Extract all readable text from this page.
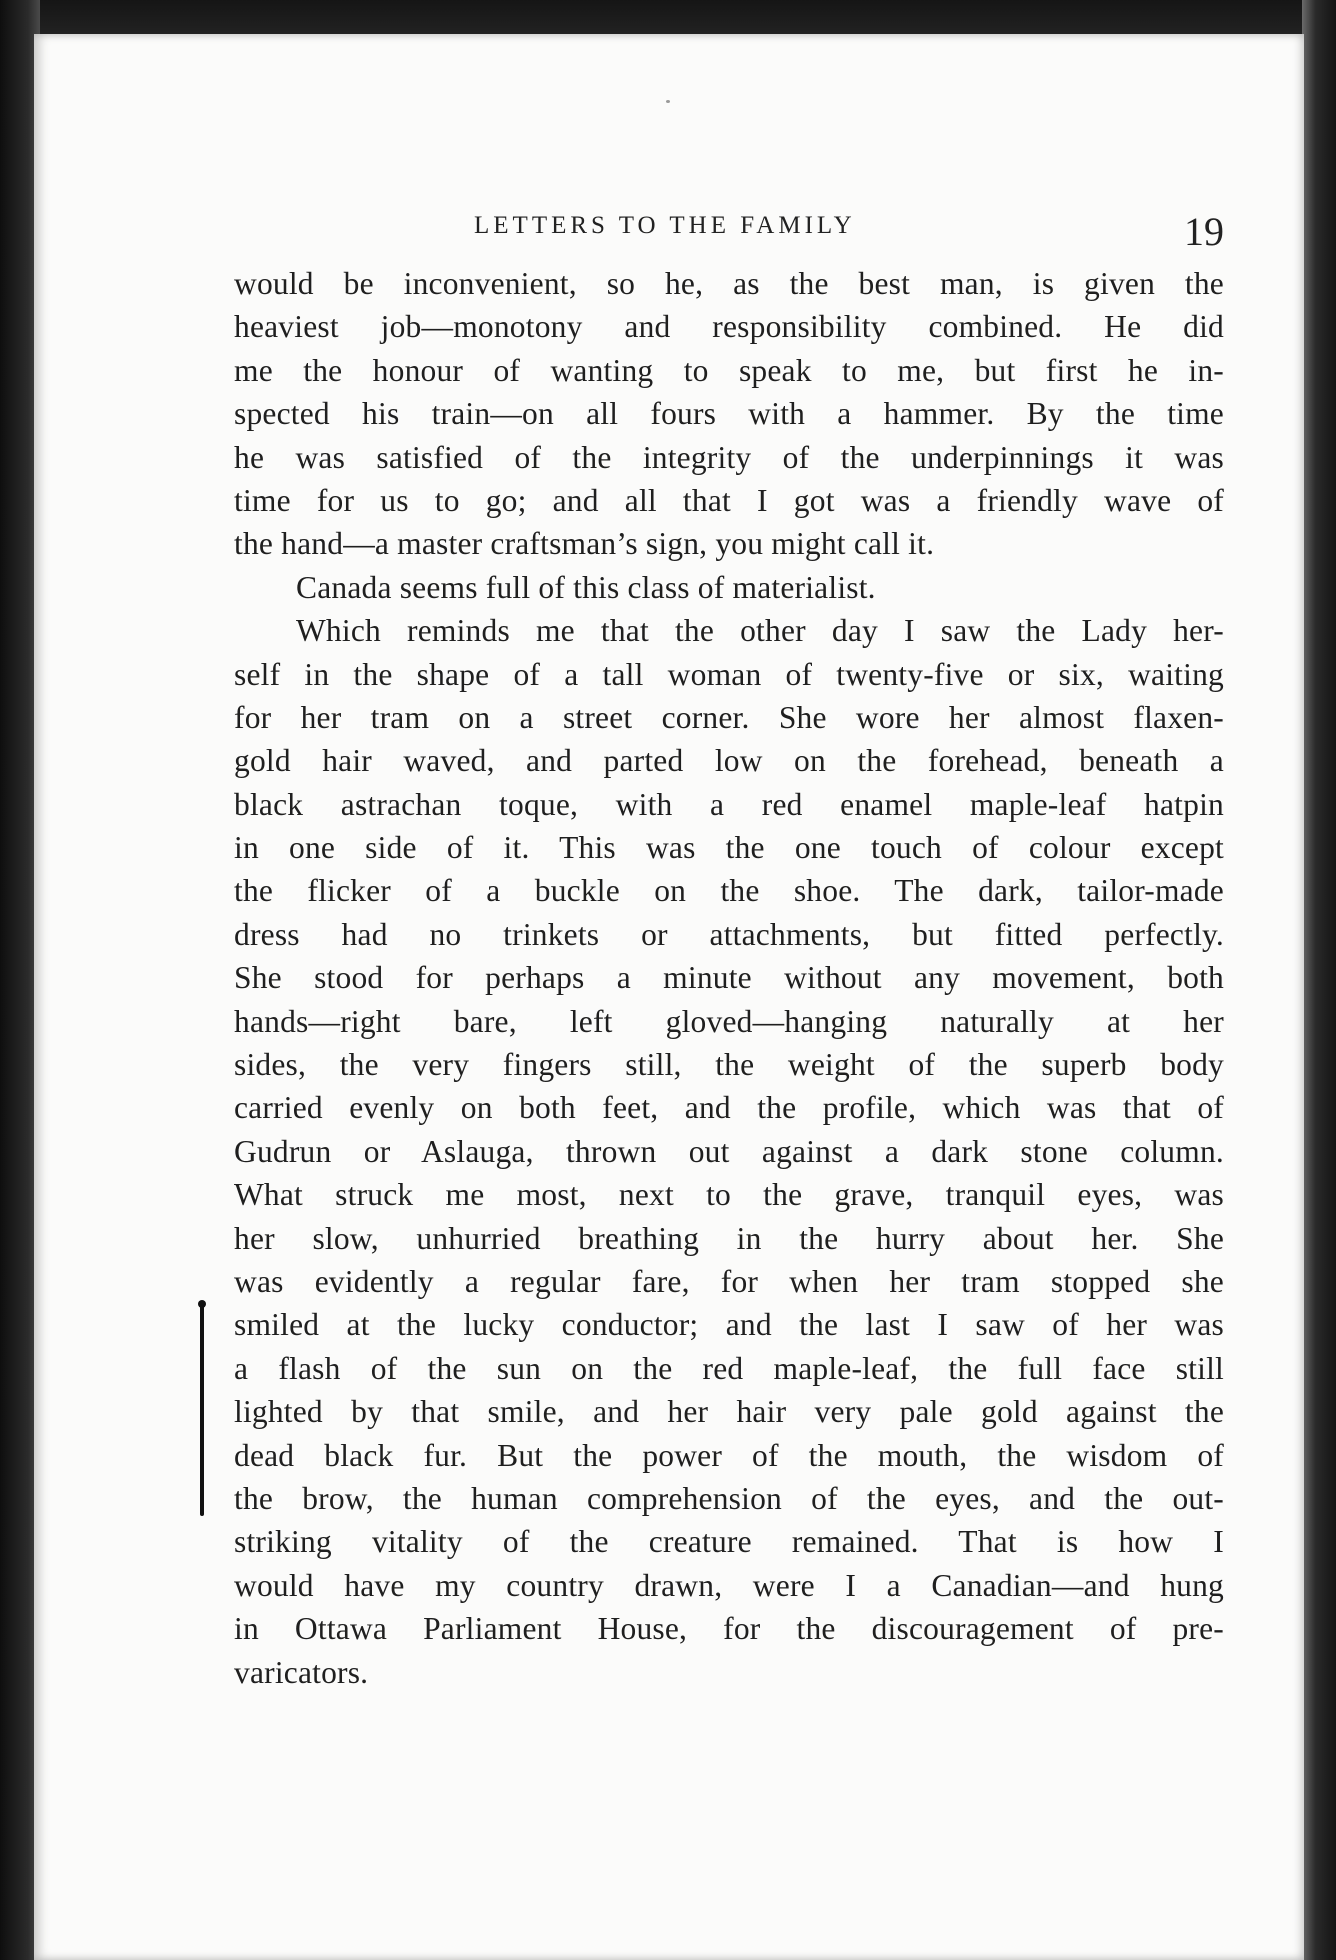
LETTERS TO THE FAMILY	19
would be inconvenient, so he, as the best man, is given the
heaviest job—monotony and responsibility combined. He did
me the honour of wanting to speak to me, but first he in-
spected his train—on all fours with a hammer. By the time
he was satisfied of the integrity of the underpinnings it was
time for us to go; and all that I got was a friendly wave of
the hand—a master craftsman’s sign, you might call it.
Canada seems full of this class of materialist.
Which reminds me that the other day I saw the Lady her-
self in the shape of a tall woman of twenty-five or six, waiting
for her tram on a street corner. She wore her almost flaxen-
gold hair waved, and parted low on the forehead, beneath a
black astrachan toque, with a red enamel maple-leaf hatpin
in one side of it. This was the one touch of colour except
the flicker of a buckle on the shoe. The dark, tailor-made
dress had no trinkets or attachments, but fitted perfectly.
She stood for perhaps a minute without any movement, both
hands—right bare, left gloved—hanging naturally at her
sides, the very fingers still, the weight of the superb body
carried evenly on both feet, and the profile, which was that of
Gudrun or Aslauga, thrown out against a dark stone column.
What struck me most, next to the grave, tranquil eyes, was
her slow, unhurried breathing in the hurry about her. She
was evidently a regular fare, for when her tram stopped she
smiled at the lucky conductor; and the last I saw of her was
a flash of the sun on the red maple-leaf, the full face still
lighted by that smile, and her hair very pale gold against the
dead black fur. But the power of the mouth, the wisdom of
the brow, the human comprehension of the eyes, and the out-
striking vitality of the creature remained. That is how I
would have my country drawn, were I a Canadian—and hung
in Ottawa Parliament House, for the discouragement of pre-
varicators.
